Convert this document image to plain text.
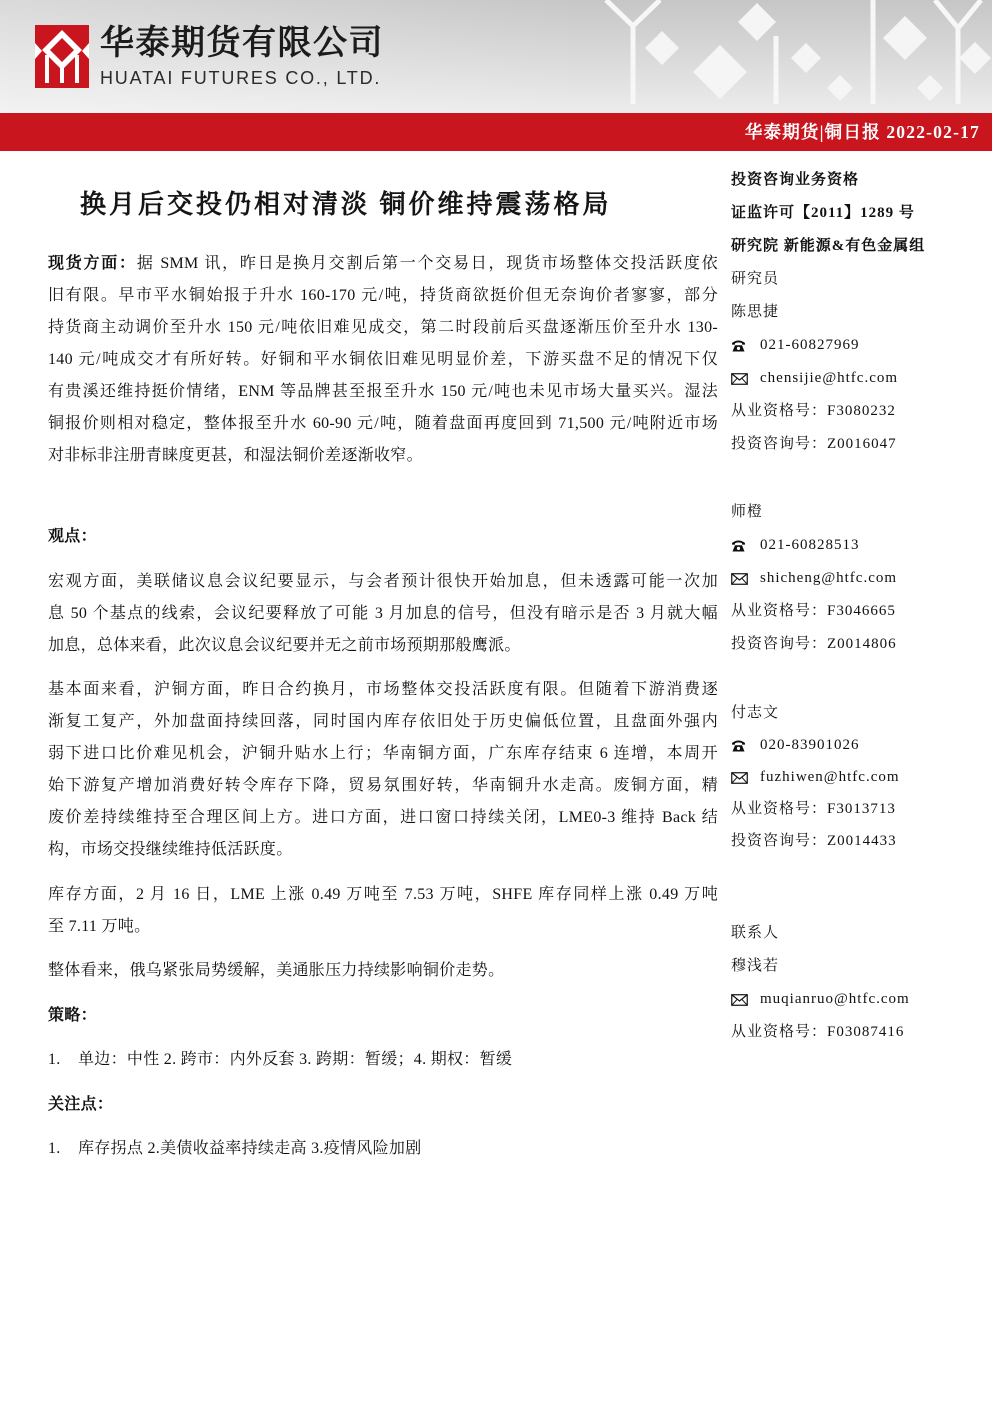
华泰期货有限公司
HUATAI FUTURES CO., LTD.
华泰期货|铜日报 2022-02-17
换月后交投仍相对清淡 铜价维持震荡格局
现货方面：据 SMM 讯，昨日是换月交割后第一个交易日，现货市场整体交投活跃度依
旧有限。早市平水铜始报于升水 160-170 元/吨，持货商欲挺价但无奈询价者寥寥，部分
持货商主动调价至升水 150 元/吨依旧难见成交，第二时段前后买盘逐渐压价至升水 130-
140 元/吨成交才有所好转。好铜和平水铜依旧难见明显价差，下游买盘不足的情况下仅
有贵溪还维持挺价情绪，ENM 等品牌甚至报至升水 150 元/吨也未见市场大量买兴。湿法
铜报价则相对稳定，整体报至升水 60-90 元/吨，随着盘面再度回到 71,500 元/吨附近市场
对非标非注册青睐度更甚，和湿法铜价差逐渐收窄。
观点：
宏观方面，美联储议息会议纪要显示，与会者预计很快开始加息，但未透露可能一次加
息 50 个基点的线索，会议纪要释放了可能 3 月加息的信号，但没有暗示是否 3 月就大幅
加息，总体来看，此次议息会议纪要并无之前市场预期那般鹰派。
基本面来看，沪铜方面，昨日合约换月，市场整体交投活跃度有限。但随着下游消费逐
渐复工复产，外加盘面持续回落，同时国内库存依旧处于历史偏低位置，且盘面外强内
弱下进口比价难见机会，沪铜升贴水上行；华南铜方面，广东库存结束 6 连增，本周开
始下游复产增加消费好转令库存下降，贸易氛围好转，华南铜升水走高。废铜方面，精
废价差持续维持至合理区间上方。进口方面，进口窗口持续关闭，LME0-3 维持 Back 结
构，市场交投继续维持低活跃度。
库存方面，2 月 16 日，LME 上涨 0.49 万吨至 7.53 万吨，SHFE 库存同样上涨 0.49 万吨
至 7.11 万吨。
整体看来，俄乌紧张局势缓解，美通胀压力持续影响铜价走势。
策略：
1. 单边：中性 2. 跨市：内外反套 3. 跨期：暂缓；4. 期权：暂缓
关注点：
1. 库存拐点 2.美债收益率持续走高 3.疫情风险加剧
投资咨询业务资格
证监许可【2011】1289 号
研究院 新能源&有色金属组
研究员
陈思捷
021-60827969
chensijie@htfc.com
从业资格号：F3080232
投资咨询号：Z0016047
师橙
021-60828513
shicheng@htfc.com
从业资格号：F3046665
投资咨询号：Z0014806
付志文
020-83901026
fuzhiwen@htfc.com
从业资格号：F3013713
投资咨询号：Z0014433
联系人
穆浅若
muqianruo@htfc.com
从业资格号：F03087416
